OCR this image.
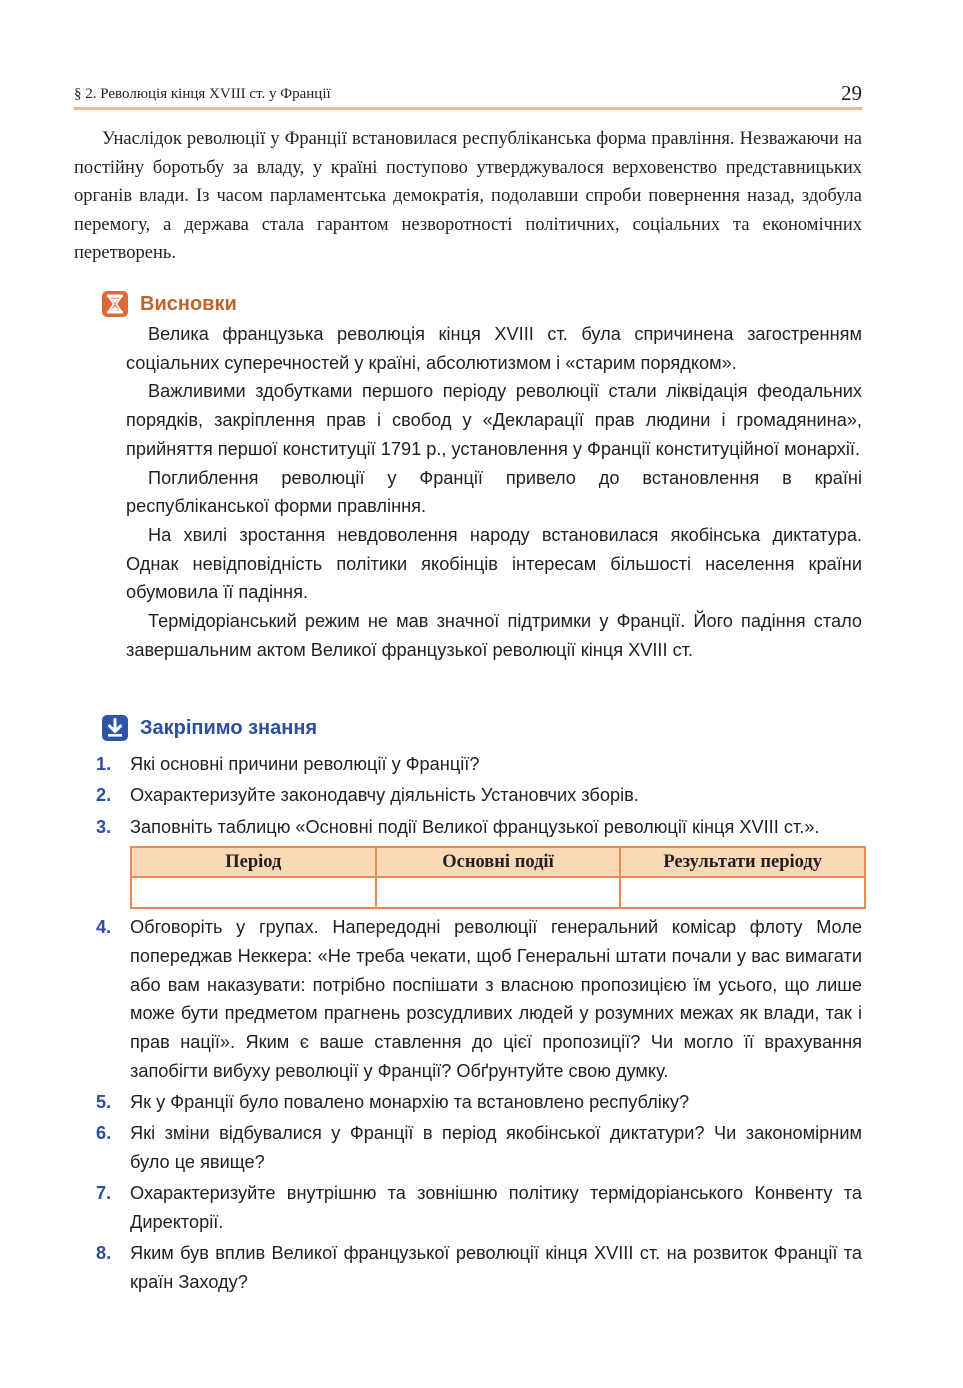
§ 2. Революція кінця XVIII ст. у Франції	29

Унаслідок революції у Франції встановилася республіканська форма правління. Незважаючи на постійну боротьбу за владу, у країні поступово утверджувалося верховенство представницьких органів влади. Із часом парламентська демократія, подолавши спроби повернення назад, здобула перемогу, а держава стала гарантом незворотності політичних, соціальних та економічних перетворень.

Висновки

Велика французька революція кінця XVIII ст. була спричинена загостренням соціальних суперечностей у країні, абсолютизмом і «старим порядком».

Важливими здобутками першого періоду революції стали ліквідація феодальних порядків, закріплення прав і свобод у «Декларації прав людини і громадянина», прийняття першої конституції 1791 р., установлення у Франції конституційної монархії.

Поглиблення революції у Франції привело до встановлення в країні республіканської форми правління.

На хвилі зростання невдоволення народу встановилася якобінська диктатура. Однак невідповідність політики якобінців інтересам більшості населення країни обумовила її падіння.

Термідоріанський режим не мав значної підтримки у Франції. Його падіння стало завершальним актом Великої французької революції кінця XVIII ст.

Закріпимо знання
1.	Які основні причини революції у Франції?
2.	Охарактеризуйте законодавчу діяльність Установчих зборів.
3.	Заповніть таблицю «Основні події Великої французької революції кінця XVIII ст.».
Період	Основні події	Результати періоду

4.	Обговоріть у групах. Напередодні революції генеральний комісар флоту Моле попереджав Неккера: «Не треба чекати, щоб Генеральні штати почали у вас вимагати або вам наказувати: потрібно поспішати з власною пропозицією їм усього, що лише може бути предметом прагнень розсудливих людей у розумних межах як влади, так і прав нації». Яким є ваше ставлення до цієї пропозиції? Чи могло її врахування запобігти вибуху революції у Франції? Обґрунтуйте свою думку.
5.	Як у Франції було повалено монархію та встановлено республіку?
6.	Які зміни відбувалися у Франції в період якобінської диктатури? Чи закономірним було це явище?
7.	Охарактеризуйте внутрішню та зовнішню політику термідоріанського Конвенту та Директорії.
8.	Яким був вплив Великої французької революції кінця XVIII ст. на розвиток Франції та країн Заходу?
